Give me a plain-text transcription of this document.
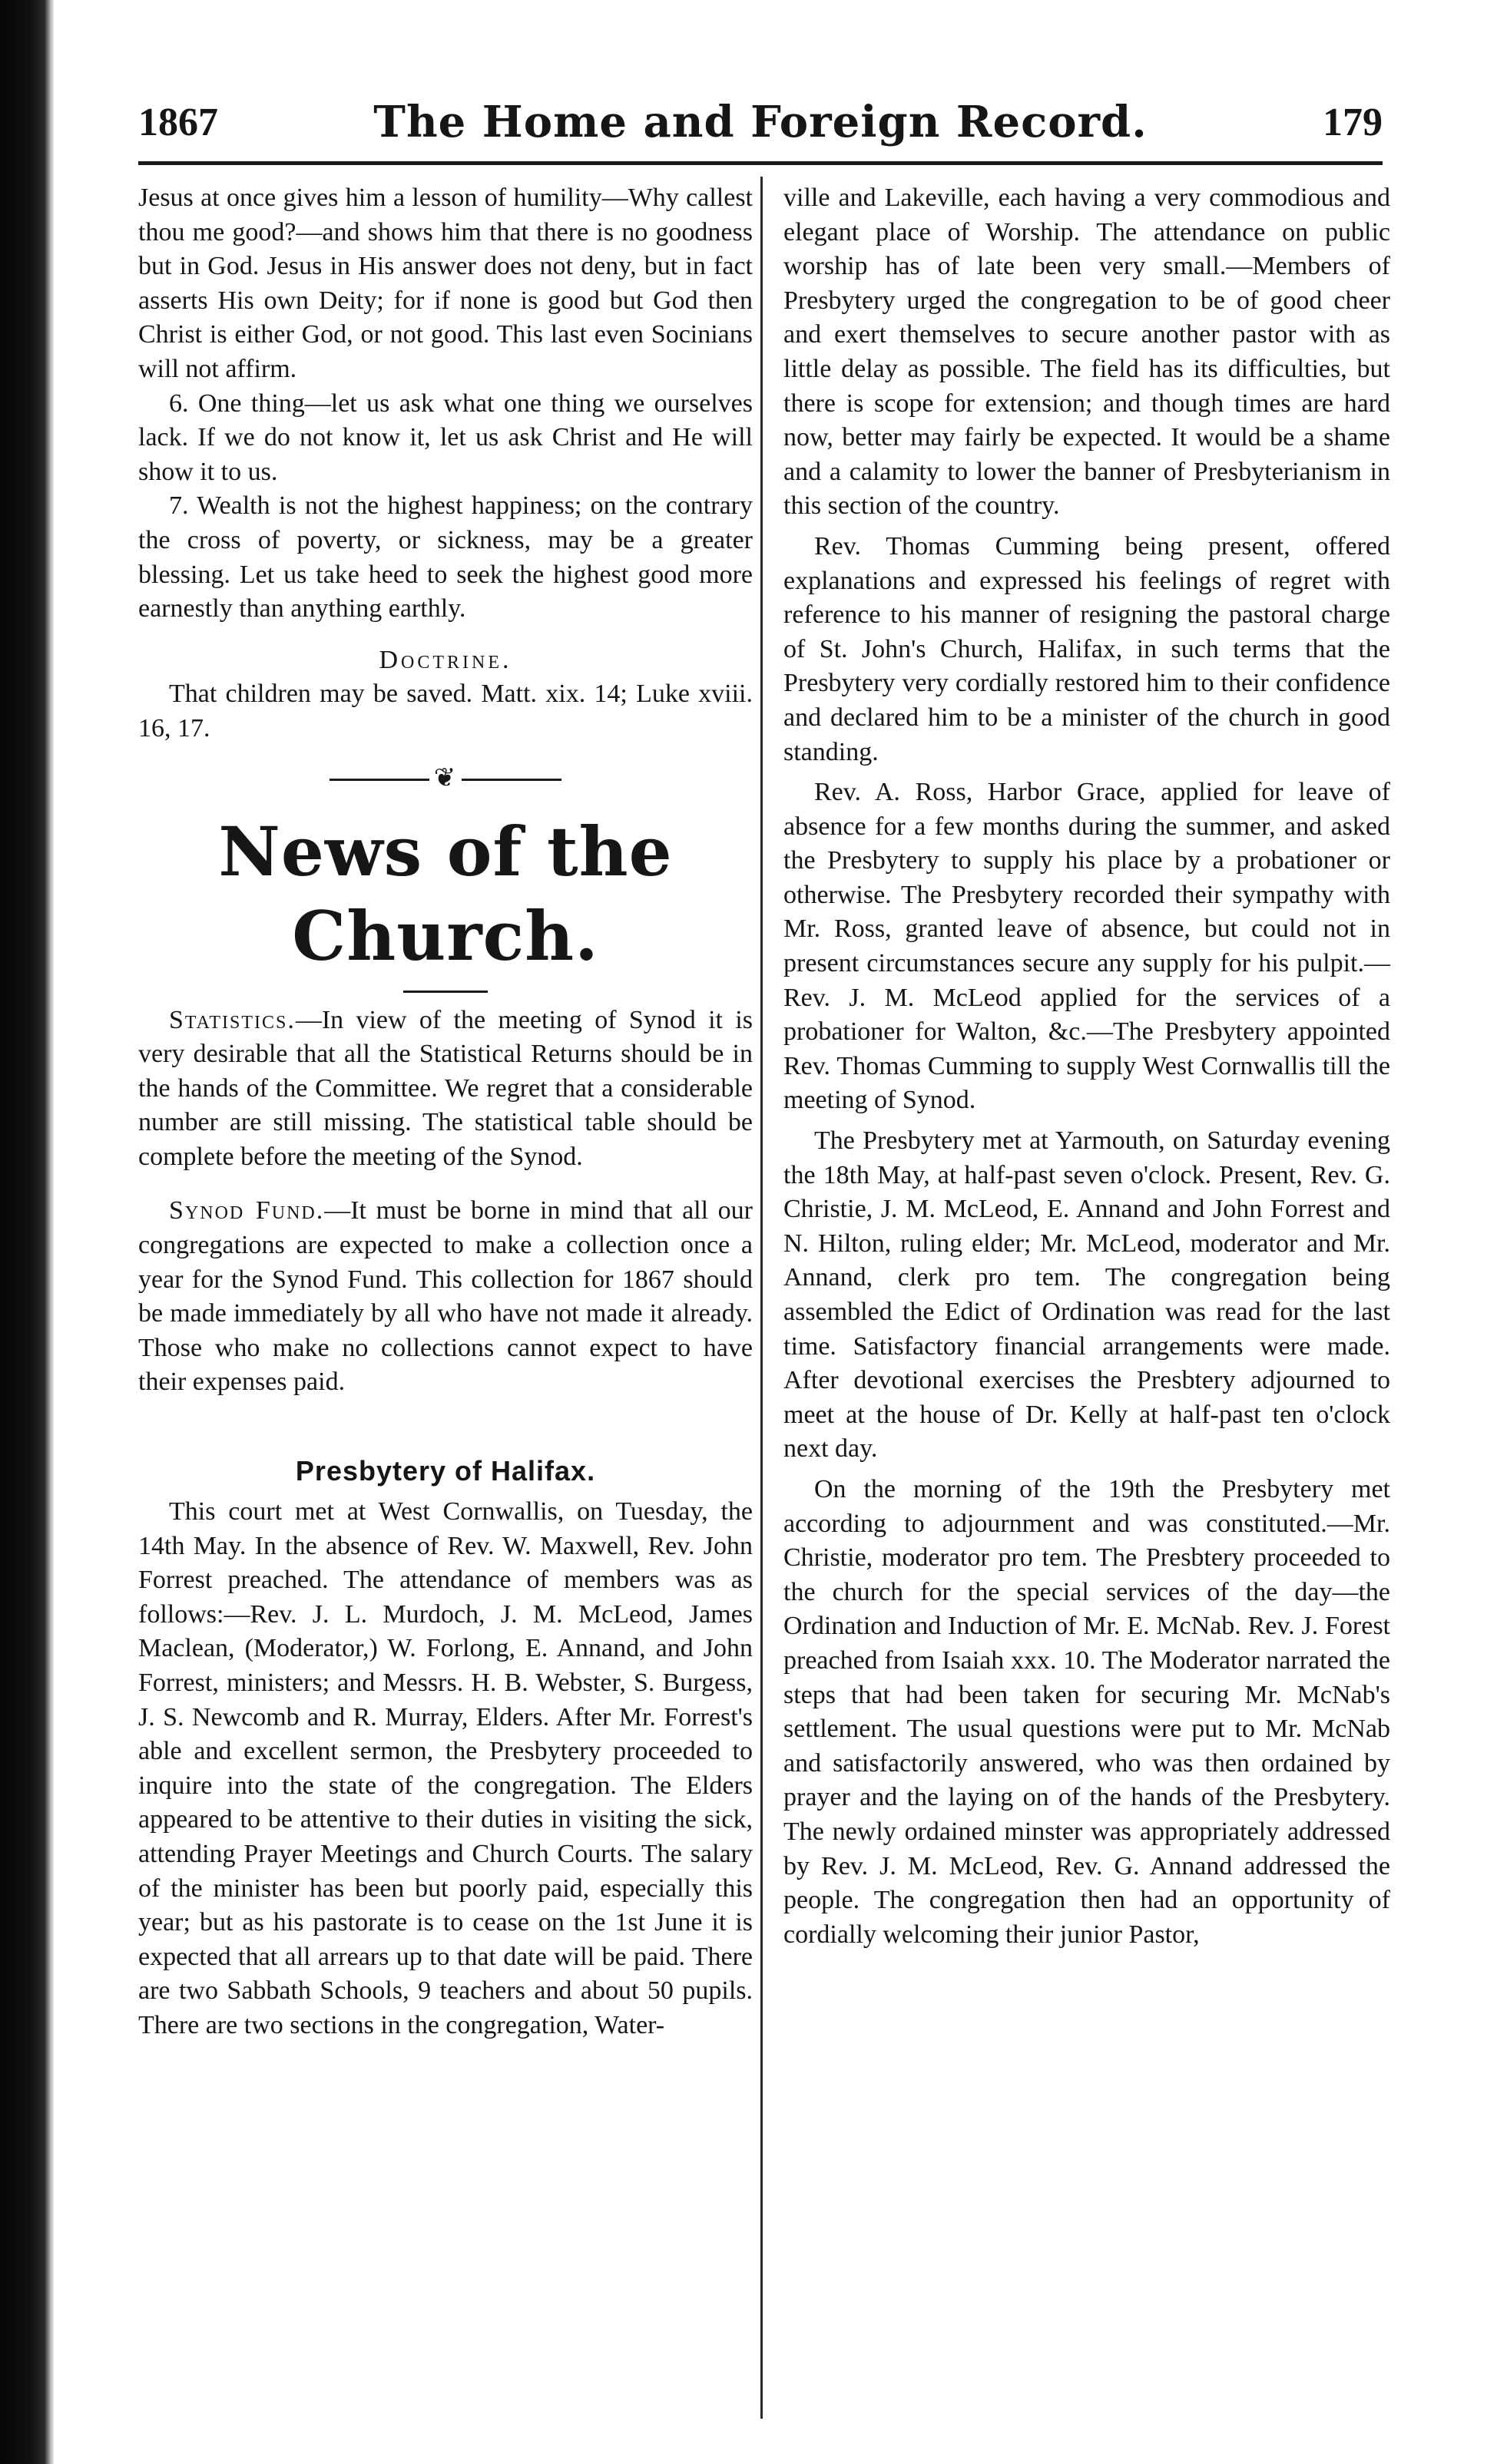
1867	The Home and Foreign Record.	179

Jesus at once gives him a lesson of humility—Why callest thou me good?—and shows him that there is no goodness but in God. Jesus in His answer does not deny, but in fact asserts His own Deity; for if none is good but God then Christ is either God, or not good. This last even Socinians will not affirm.

6. One thing—let us ask what one thing we ourselves lack. If we do not know it, let us ask Christ and He will show it to us.

7. Wealth is not the highest happiness; on the contrary the cross of poverty, or sickness, may be a greater blessing. Let us take heed to seek the highest good more earnestly than anything earthly.

Doctrine.

That children may be saved. Matt. xix. 14; Luke xviii. 16, 17.

❦
News of the Church.

Statistics.—In view of the meeting of Synod it is very desirable that all the Statistical Returns should be in the hands of the Committee. We regret that a considerable number are still missing. The statistical table should be complete before the meeting of the Synod.

Synod Fund.—It must be borne in mind that all our congregations are expected to make a collection once a year for the Synod Fund. This collection for 1867 should be made immediately by all who have not made it already. Those who make no collections cannot expect to have their expenses paid.

Presbytery of Halifax.

This court met at West Cornwallis, on Tuesday, the 14th May. In the absence of Rev. W. Maxwell, Rev. John Forrest preached. The attendance of members was as follows:—Rev. J. L. Murdoch, J. M. McLeod, James Maclean, (Moderator,) W. Forlong, E. Annand, and John Forrest, ministers; and Messrs. H. B. Webster, S. Burgess, J. S. Newcomb and R. Murray, Elders. After Mr. Forrest's able and excellent sermon, the Presbytery proceeded to inquire into the state of the congregation. The Elders appeared to be attentive to their duties in visiting the sick, attending Prayer Meetings and Church Courts. The salary of the minister has been but poorly paid, especially this year; but as his pastorate is to cease on the 1st June it is expected that all arrears up to that date will be paid. There are two Sabbath Schools, 9 teachers and about 50 pupils. There are two sections in the congregation, Water-

ville and Lakeville, each having a very commodious and elegant place of Worship. The attendance on public worship has of late been very small.—Members of Presbytery urged the congregation to be of good cheer and exert themselves to secure another pastor with as little delay as possible. The field has its difficulties, but there is scope for extension; and though times are hard now, better may fairly be expected. It would be a shame and a calamity to lower the banner of Presbyterianism in this section of the country.

Rev. Thomas Cumming being present, offered explanations and expressed his feelings of regret with reference to his manner of resigning the pastoral charge of St. John's Church, Halifax, in such terms that the Presbytery very cordially restored him to their confidence and declared him to be a minister of the church in good standing.

Rev. A. Ross, Harbor Grace, applied for leave of absence for a few months during the summer, and asked the Presbytery to supply his place by a probationer or otherwise. The Presbytery recorded their sympathy with Mr. Ross, granted leave of absence, but could not in present circumstances secure any supply for his pulpit.—Rev. J. M. McLeod applied for the services of a probationer for Walton, &c.—The Presbytery appointed Rev. Thomas Cumming to supply West Cornwallis till the meeting of Synod.

The Presbytery met at Yarmouth, on Saturday evening the 18th May, at half-past seven o'clock. Present, Rev. G. Christie, J. M. McLeod, E. Annand and John Forrest and N. Hilton, ruling elder; Mr. McLeod, moderator and Mr. Annand, clerk pro tem. The congregation being assembled the Edict of Ordination was read for the last time. Satisfactory financial arrangements were made. After devotional exercises the Presbtery adjourned to meet at the house of Dr. Kelly at half-past ten o'clock next day.

On the morning of the 19th the Presbytery met according to adjournment and was constituted.—Mr. Christie, moderator pro tem. The Presbtery proceeded to the church for the special services of the day—the Ordination and Induction of Mr. E. McNab. Rev. J. Forest preached from Isaiah xxx. 10. The Moderator narrated the steps that had been taken for securing Mr. McNab's settlement. The usual questions were put to Mr. McNab and satisfactorily answered, who was then ordained by prayer and the laying on of the hands of the Presbytery. The newly ordained minster was appropriately addressed by Rev. J. M. McLeod, Rev. G. Annand addressed the people. The congregation then had an opportunity of cordially welcoming their junior Pastor,
